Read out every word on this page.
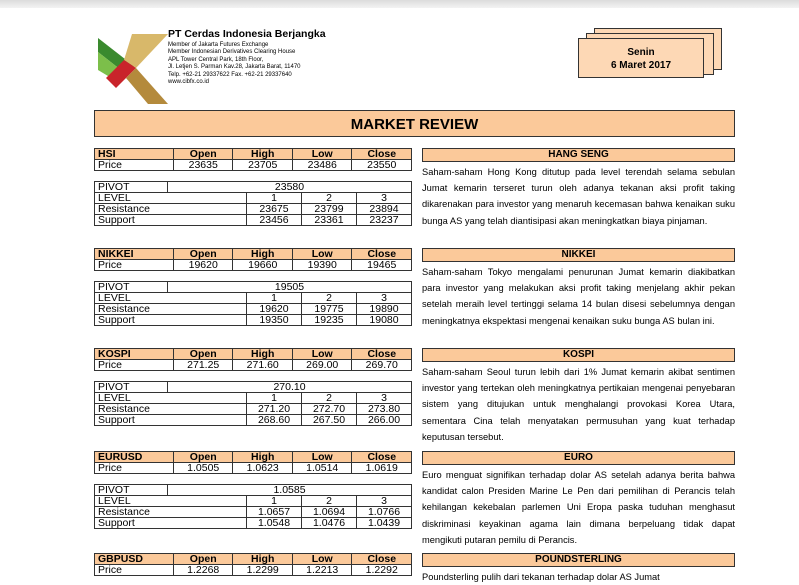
PT Cerdas Indonesia Berjangka
Member of Jakarta Futures Exchange
Member Indonesian Derivatives Clearing House
APL Tower Central Park, 18th Floor,
Jl. Letjen S. Parman Kav.28, Jakarta Barat, 11470
Telp. +62-21 29337622 Fax. +62-21 29337640
www.cibfx.co.id
Senin
6 Maret 2017
MARKET REVIEW
HSI	Open	High	Low	Close
Price	23635	23705	23486	23550
PIVOT	23580			
LEVEL		1	2	3
Resistance		23675	23799	23894
Support		23456	23361	23237
NIKKEI	Open	High	Low	Close
Price	19620	19660	19390	19465
PIVOT	19505			
LEVEL		1	2	3
Resistance		19620	19775	19890
Support		19350	19235	19080
KOSPI	Open	High	Low	Close
Price	271.25	271.60	269.00	269.70
PIVOT	270.10			
LEVEL		1	2	3
Resistance		271.20	272.70	273.80
Support		268.60	267.50	266.00
EURUSD	Open	High	Low	Close
Price	1.0505	1.0623	1.0514	1.0619
PIVOT	1.0585			
LEVEL		1	2	3
Resistance		1.0657	1.0694	1.0766
Support		1.0548	1.0476	1.0439
GBPUSD	Open	High	Low	Close
Price	1.2268	1.2299	1.2213	1.2292
HANG SENG
Saham-saham Hong Kong ditutup pada level terendah selama sebulan Jumat kemarin terseret turun oleh adanya tekanan aksi profit taking dikarenakan para investor yang menaruh kecemasan bahwa kenaikan suku bunga AS yang telah diantisipasi akan meningkatkan biaya pinjaman.
NIKKEI
Saham-saham Tokyo mengalami penurunan Jumat kemarin diakibatkan para investor yang melakukan aksi profit taking menjelang akhir pekan setelah meraih level tertinggi selama 14 bulan disesi sebelumnya dengan meningkatnya ekspektasi mengenai kenaikan suku bunga AS bulan ini.
KOSPI
Saham-saham Seoul turun lebih dari 1% Jumat kemarin akibat sentimen investor yang tertekan oleh meningkatnya pertikaian mengenai penyebaran sistem yang ditujukan untuk menghalangi provokasi Korea Utara, sementara Cina telah menyatakan permusuhan yang kuat terhadap keputusan tersebut.
EURO
Euro menguat signifikan terhadap dolar AS setelah adanya berita bahwa kandidat calon Presiden Marine Le Pen dari pemilihan di Perancis telah kehilangan kekebalan parlemen Uni Eropa paska tuduhan menghasut diskriminasi keyakinan agama lain dimana berpeluang tidak dapat mengikuti putaran pemilu di Perancis.
POUNDSTERLING
Poundsterling pulih dari tekanan terhadap dolar AS Jumat
